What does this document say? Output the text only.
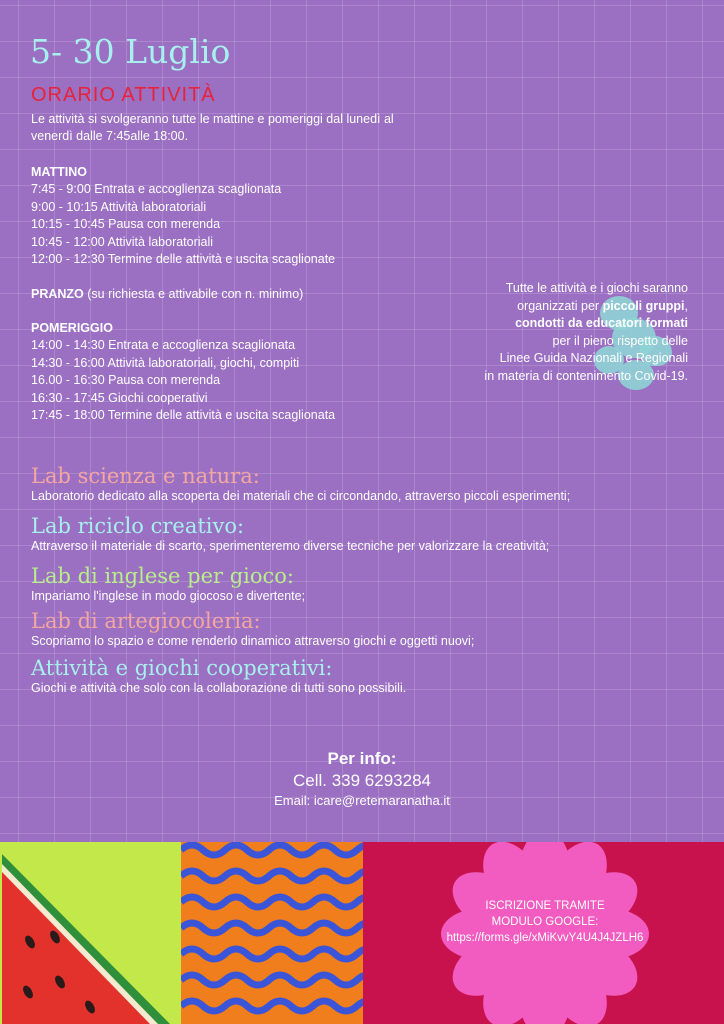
5- 30 Luglio
ORARIO ATTIVITÀ

Le attività si svolgeranno tutte le mattine e pomeriggi dal lunedì al venerdì dalle 7:45alle 18:00.

MATTINO

7:45 - 9:00 Entrata e accoglienza scaglionata
9:00 - 10:15 Attività laboratoriali
10:15 - 10:45 Pausa con merenda
10:45 - 12:00 Attività laboratoriali
12:00 - 12:30 Termine delle attività e uscita scaglionate
PRANZO (su richiesta e attivabile con n. minimo)

POMERIGGIO

14:00 - 14:30 Entrata e accoglienza scaglionata
14:30 - 16:00 Attività laboratoriali, giochi, compiti
16.00 - 16:30 Pausa con merenda
16:30 - 17:45 Giochi cooperativi
17:45 - 18:00 Termine delle attività e uscita scaglionata
Tutte le attività e i giochi saranno
organizzati per piccoli gruppi,
condotti da educatori formati
per il pieno rispetto delle
Linee Guida Nazionali e Regionali
in materia di contenimento Covid-19.
Lab scienza e natura:

Laboratorio dedicato alla scoperta dei materiali che ci circondando, attraverso piccoli esperimenti;

Lab riciclo creativo:

Attraverso il materiale di scarto, sperimenteremo diverse tecniche per valorizzare la creatività;

Lab di inglese per gioco:

Impariamo l'inglese in modo giocoso e divertente;

Lab di artegiocoleria:

Scopriamo lo spazio e come renderlo dinamico attraverso giochi e oggetti nuovi;

Attività e giochi cooperativi:

Giochi e attività che solo con la collaborazione di tutti sono possibili.

Per info:
Cell. 339 6293284
Email: icare@retemaranatha.it
ISCRIZIONE TRAMITE
MODULO GOOGLE:
https://forms.gle/xMiKvvY4U4J4JZLH6
